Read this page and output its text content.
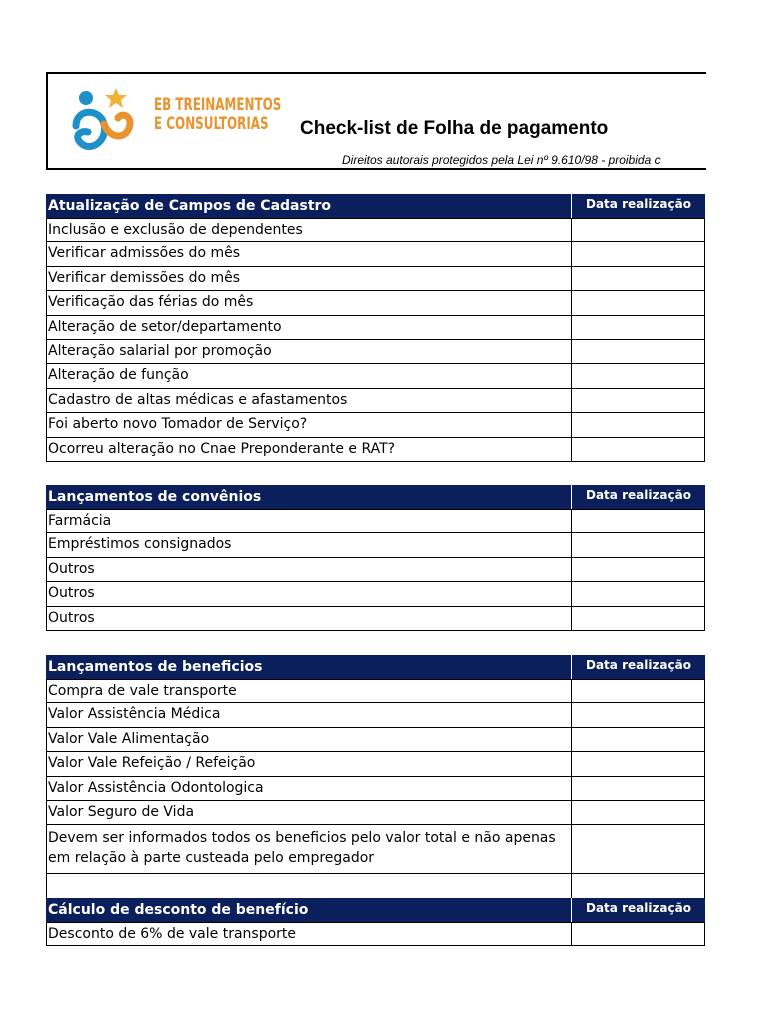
EB TREINAMENTOS
E CONSULTORIAS	Check-list de Folha de pagamento
Direitos autorais protegidos pela Lei nº 9.610/98 - proibida c
Atualização de Campos de Cadastro	Data realização
Inclusão e exclusão de dependentes
Verificar admissões do mês
Verificar demissões do mês
Verificação das férias do mês
Alteração de setor/departamento
Alteração salarial por promoção
Alteração de função
Cadastro de altas médicas e afastamentos
Foi aberto novo Tomador de Serviço?
Ocorreu alteração no Cnae Preponderante e RAT?
Lançamentos de convênios	Data realização
Farmácia
Empréstimos consignados
Outros
Outros
Outros
Lançamentos de beneficios	Data realização
Compra de vale transporte
Valor Assistência Médica
Valor Vale Alimentação
Valor Vale Refeição / Refeição
Valor Assistência Odontologica
Valor Seguro de Vida
Devem ser informados todos os beneficios pelo valor total e não apenas em relação à parte custeada pelo empregador
Cálculo de desconto de benefício	Data realização
Desconto de 6% de vale transporte
